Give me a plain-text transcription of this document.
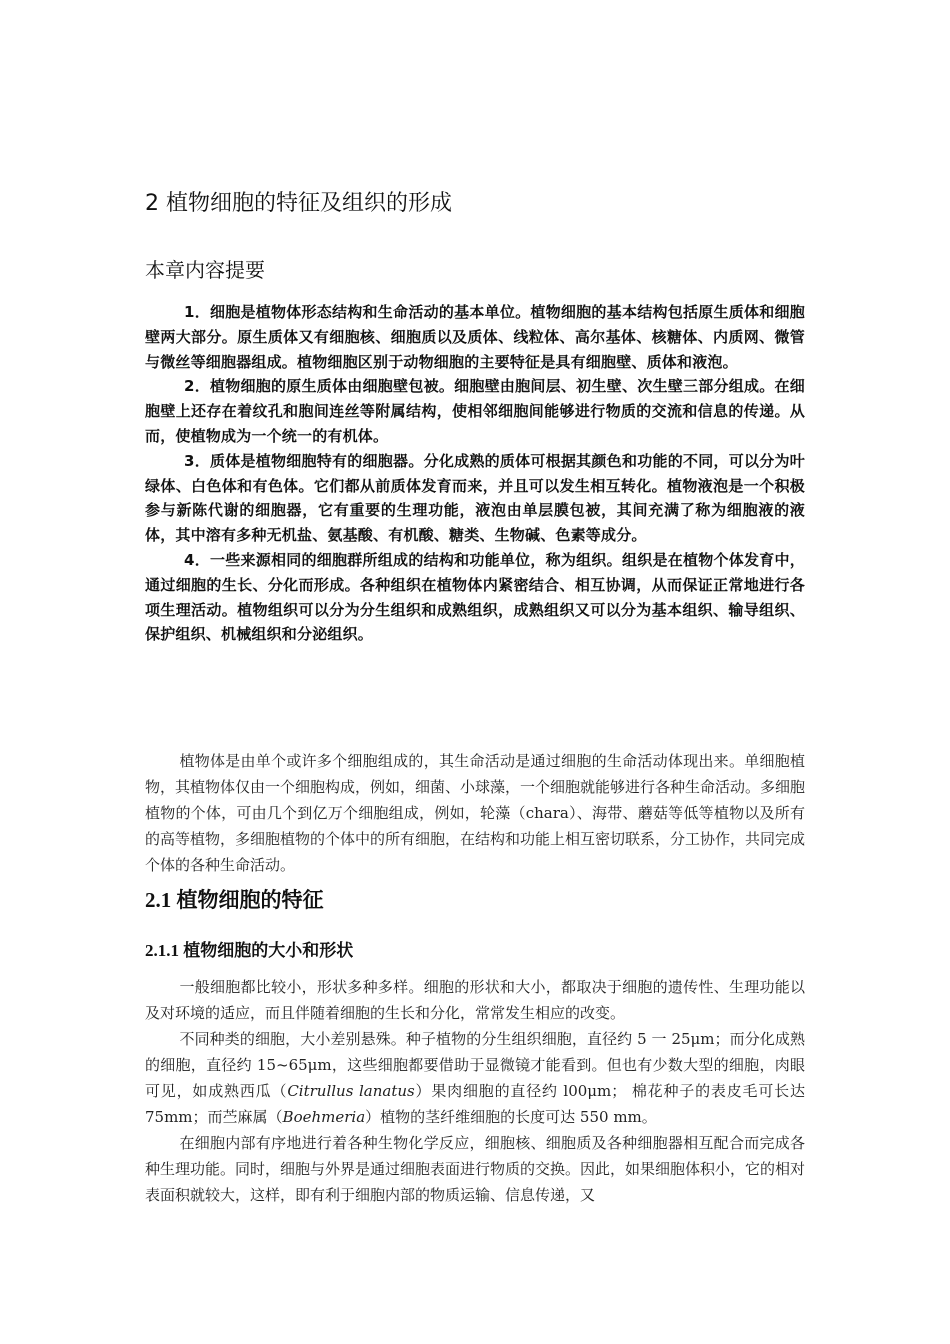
2 植物细胞的特征及组织的形成
本章内容提要

1．细胞是植物体形态结构和生命活动的基本单位。植物细胞的基本结构包括原生质体和细胞壁两大部分。原生质体又有细胞核、细胞质以及质体、线粒体、高尔基体、核糖体、内质网、微管与微丝等细胞器组成。植物细胞区别于动物细胞的主要特征是具有细胞壁、质体和液泡。

2．植物细胞的原生质体由细胞壁包被。细胞壁由胞间层、初生壁、次生壁三部分组成。在细胞壁上还存在着纹孔和胞间连丝等附属结构，使相邻细胞间能够进行物质的交流和信息的传递。从而，使植物成为一个统一的有机体。

3．质体是植物细胞特有的细胞器。分化成熟的质体可根据其颜色和功能的不同，可以分为叶绿体、白色体和有色体。它们都从前质体发育而来，并且可以发生相互转化。植物液泡是一个积极参与新陈代谢的细胞器，它有重要的生理功能，液泡由单层膜包被，其间充满了称为细胞液的液体，其中溶有多种无机盐、氨基酸、有机酸、糖类、生物碱、色素等成分。

4．一些来源相同的细胞群所组成的结构和功能单位，称为组织。组织是在植物个体发育中，通过细胞的生长、分化而形成。各种组织在植物体内紧密结合、相互协调，从而保证正常地进行各项生理活动。植物组织可以分为分生组织和成熟组织，成熟组织又可以分为基本组织、输导组织、保护组织、机械组织和分泌组织。

植物体是由单个或许多个细胞组成的，其生命活动是通过细胞的生命活动体现出来。单细胞植物，其植物体仅由一个细胞构成，例如，细菌、小球藻，一个细胞就能够进行各种生命活动。多细胞植物的个体，可由几个到亿万个细胞组成，例如，轮藻（chara）、海带、蘑菇等低等植物以及所有的高等植物，多细胞植物的个体中的所有细胞，在结构和功能上相互密切联系，分工协作，共同完成个体的各种生命活动。

2.1 植物细胞的特征
2.1.1 植物细胞的大小和形状

一般细胞都比较小，形状多种多样。细胞的形状和大小，都取决于细胞的遗传性、生理功能以及对环境的适应，而且伴随着细胞的生长和分化，常常发生相应的改变。

不同种类的细胞，大小差别悬殊。种子植物的分生组织细胞，直径约 5 一 25μm；而分化成熟的细胞，直径约 15~65μm，这些细胞都要借助于显微镜才能看到。但也有少数大型的细胞，肉眼可见，如成熟西瓜（Citrullus lanatus）果肉细胞的直径约 l00μm； 棉花种子的表皮毛可长达 75mm；而苎麻属（Boehmeria）植物的茎纤维细胞的长度可达 550 mm。

在细胞内部有序地进行着各种生物化学反应，细胞核、细胞质及各种细胞器相互配合而完成各种生理功能。同时，细胞与外界是通过细胞表面进行物质的交换。因此，如果细胞体积小，它的相对表面积就较大，这样，即有利于细胞内部的物质运输、信息传递，又
